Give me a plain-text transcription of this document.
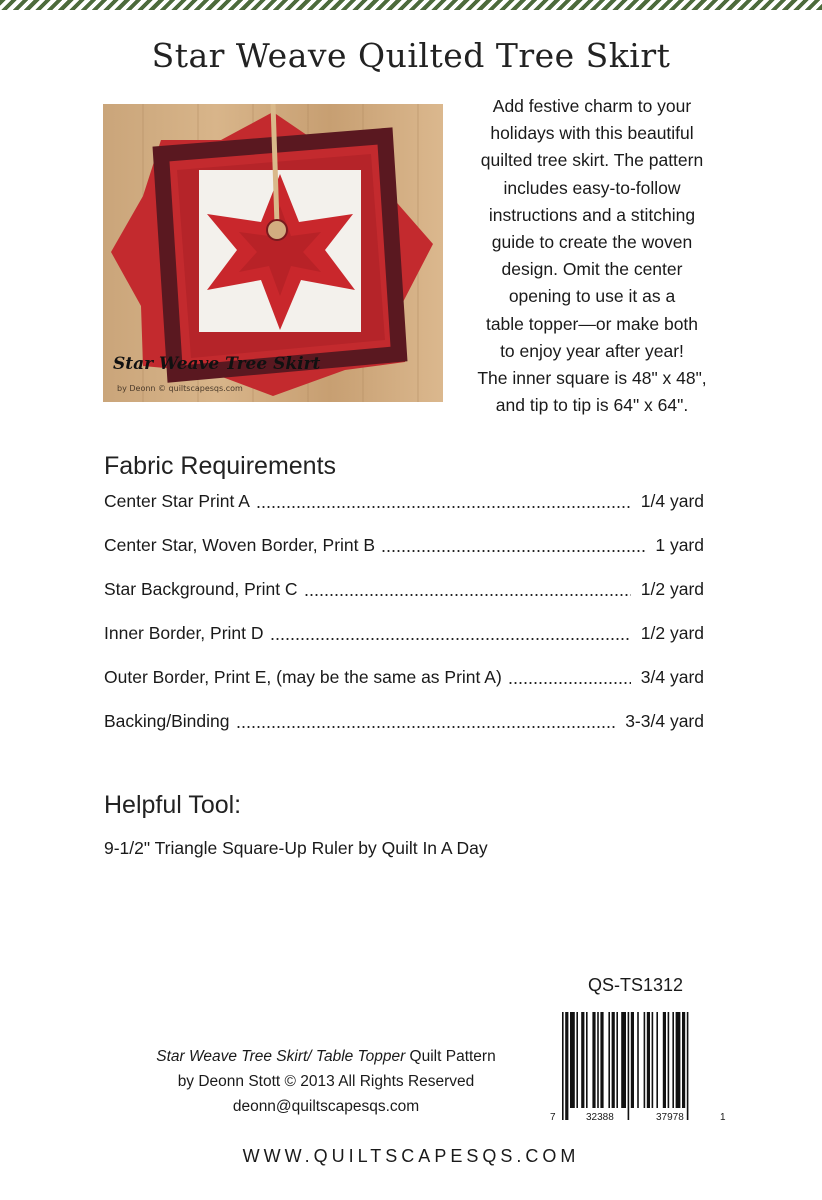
Star Weave Quilted Tree Skirt
Star Weave Tree Skirt
by Deonn © quiltscapesqs.com
Add festive charm to your
holidays with this beautiful
quilted tree skirt. The pattern
includes easy-to-follow
instructions and a stitching
guide to create the woven
design. Omit the center
opening to use it as a
table topper—or make both
to enjoy year after year!
The inner square is 48" x 48",
and tip to tip is 64" x 64".
Fabric Requirements
Center Star Print A	1/4 yard
Center Star, Woven Border, Print B	1 yard
Star Background, Print C	1/2 yard
Inner Border, Print D	1/2 yard
Outer Border, Print E, (may be the same as Print A)	3/4 yard
Backing/Binding	3-3/4 yard
Helpful Tool:
9-1/2" Triangle Square-Up Ruler by Quilt In A Day
QS-TS1312
7	32388	37978	1
Star Weave Tree Skirt/ Table Topper Quilt Pattern
by Deonn Stott © 2013 All Rights Reserved
deonn@quiltscapesqs.com
WWW.QUILTSCAPESQS.COM
